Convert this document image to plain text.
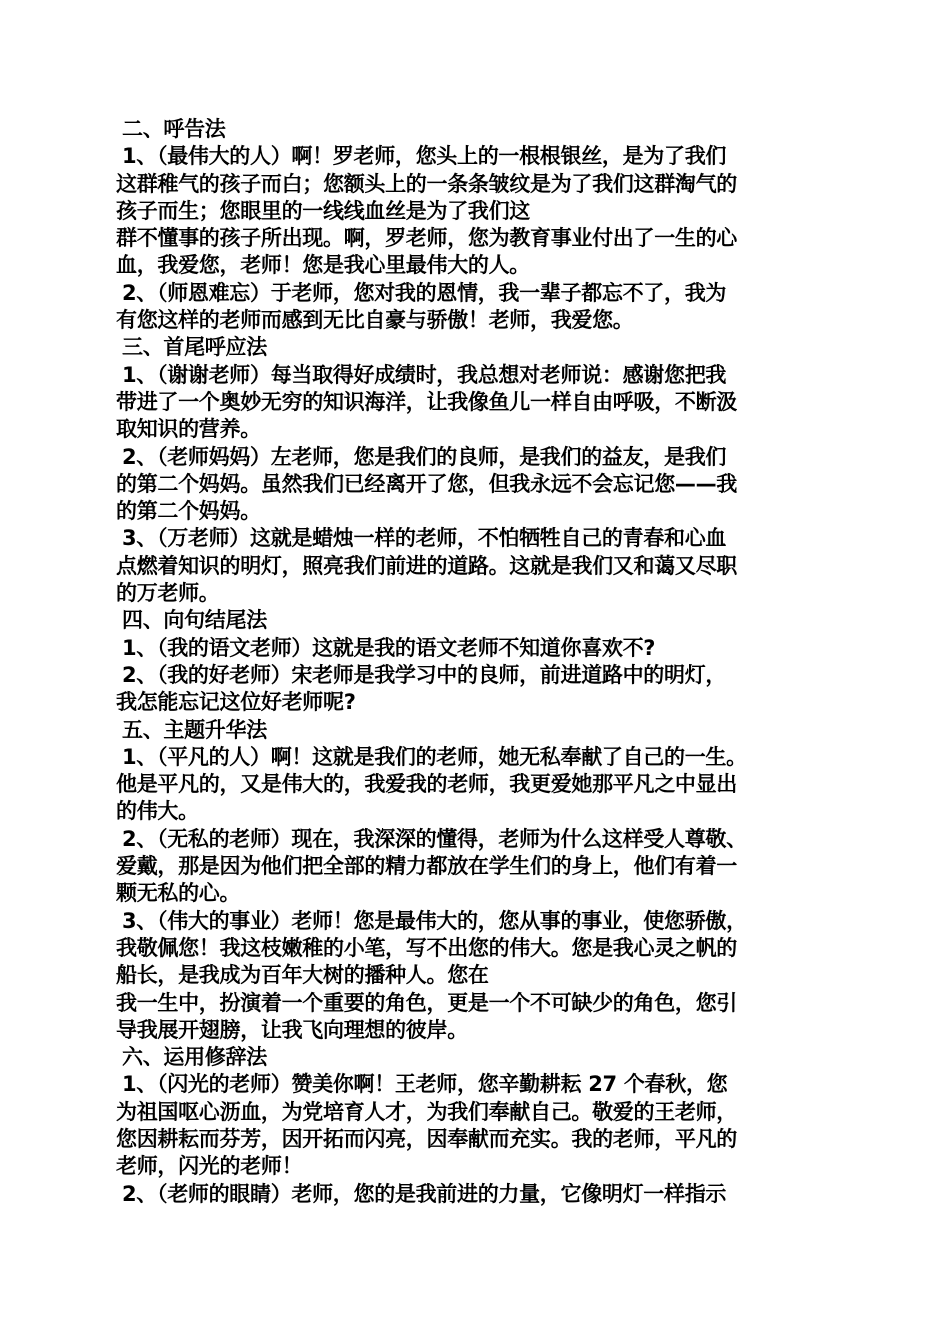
二、呼告法
1、（最伟大的人）啊！罗老师，您头上的一根根银丝，是为了我们
这群稚气的孩子而白；您额头上的一条条皱纹是为了我们这群淘气的
孩子而生；您眼里的一线线血丝是为了我们这
群不懂事的孩子所出现。啊，罗老师，您为教育事业付出了一生的心
血，我爱您，老师！您是我心里最伟大的人。
2、（师恩难忘）于老师，您对我的恩情，我一辈子都忘不了，我为
有您这样的老师而感到无比自豪与骄傲！老师，我爱您。
三、首尾呼应法
1、（谢谢老师）每当取得好成绩时，我总想对老师说：感谢您把我
带进了一个奥妙无穷的知识海洋，让我像鱼儿一样自由呼吸，不断汲
取知识的营养。
2、（老师妈妈）左老师，您是我们的良师，是我们的益友，是我们
的第二个妈妈。虽然我们已经离开了您，但我永远不会忘记您——我
的第二个妈妈。
3、（万老师）这就是蜡烛一样的老师，不怕牺牲自己的青春和心血
点燃着知识的明灯，照亮我们前进的道路。这就是我们又和蔼又尽职
的万老师。
四、向句结尾法
1、（我的语文老师）这就是我的语文老师不知道你喜欢不?
2、（我的好老师）宋老师是我学习中的良师，前进道路中的明灯，
我怎能忘记这位好老师呢?
五、主题升华法
1、（平凡的人）啊！这就是我们的老师，她无私奉献了自己的一生。
他是平凡的，又是伟大的，我爱我的老师，我更爱她那平凡之中显出
的伟大。
2、（无私的老师）现在，我深深的懂得，老师为什么这样受人尊敬、
爱戴，那是因为他们把全部的精力都放在学生们的身上，他们有着一
颗无私的心。
3、（伟大的事业）老师！您是最伟大的，您从事的事业，使您骄傲，
我敬佩您！我这枝嫩稚的小笔，写不出您的伟大。您是我心灵之帆的
船长，是我成为百年大树的播种人。您在
我一生中，扮演着一个重要的角色，更是一个不可缺少的角色，您引
导我展开翅膀，让我飞向理想的彼岸。
六、运用修辞法
1、（闪光的老师）赞美你啊！王老师，您辛勤耕耘 27 个春秋，您
为祖国呕心沥血，为党培育人才，为我们奉献自己。敬爱的王老师，
您因耕耘而芬芳，因开拓而闪亮，因奉献而充实。我的老师，平凡的
老师，闪光的老师！
2、（老师的眼睛）老师，您的是我前进的力量，它像明灯一样指示
